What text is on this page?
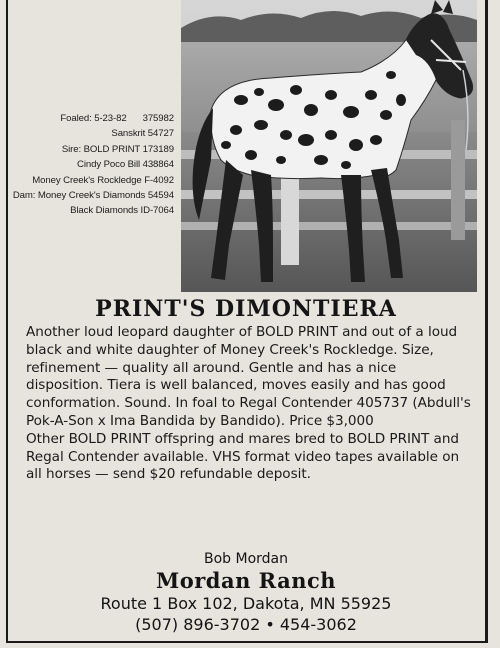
Foaled: 5-23-82 375982
Sanskrit 54727
Sire: BOLD PRINT 173189
Cindy Poco Bill 438864
Money Creek's Rockledge F-4092
Dam: Money Creek's Diamonds 54594
Black Diamonds ID-7064
PRINT'S DIMONTIERA

Another loud leopard daughter of BOLD PRINT and out of a loud black and white daughter of Money Creek's Rockledge. Size, refinement — quality all around. Gentle and has a nice disposition. Tiera is well balanced, moves easily and has good conformation. Sound. In foal to Regal Contender 405737 (Abdull's Pok-A-Son x Ima Bandida by Bandido). Price $3,000

Other BOLD PRINT offspring and mares bred to BOLD PRINT and Regal Contender available. VHS format video tapes available on all horses — send $20 refundable deposit.

Bob Mordan
Mordan Ranch
Route 1 Box 102, Dakota, MN 55925
(507) 896-3702 • 454-3062
